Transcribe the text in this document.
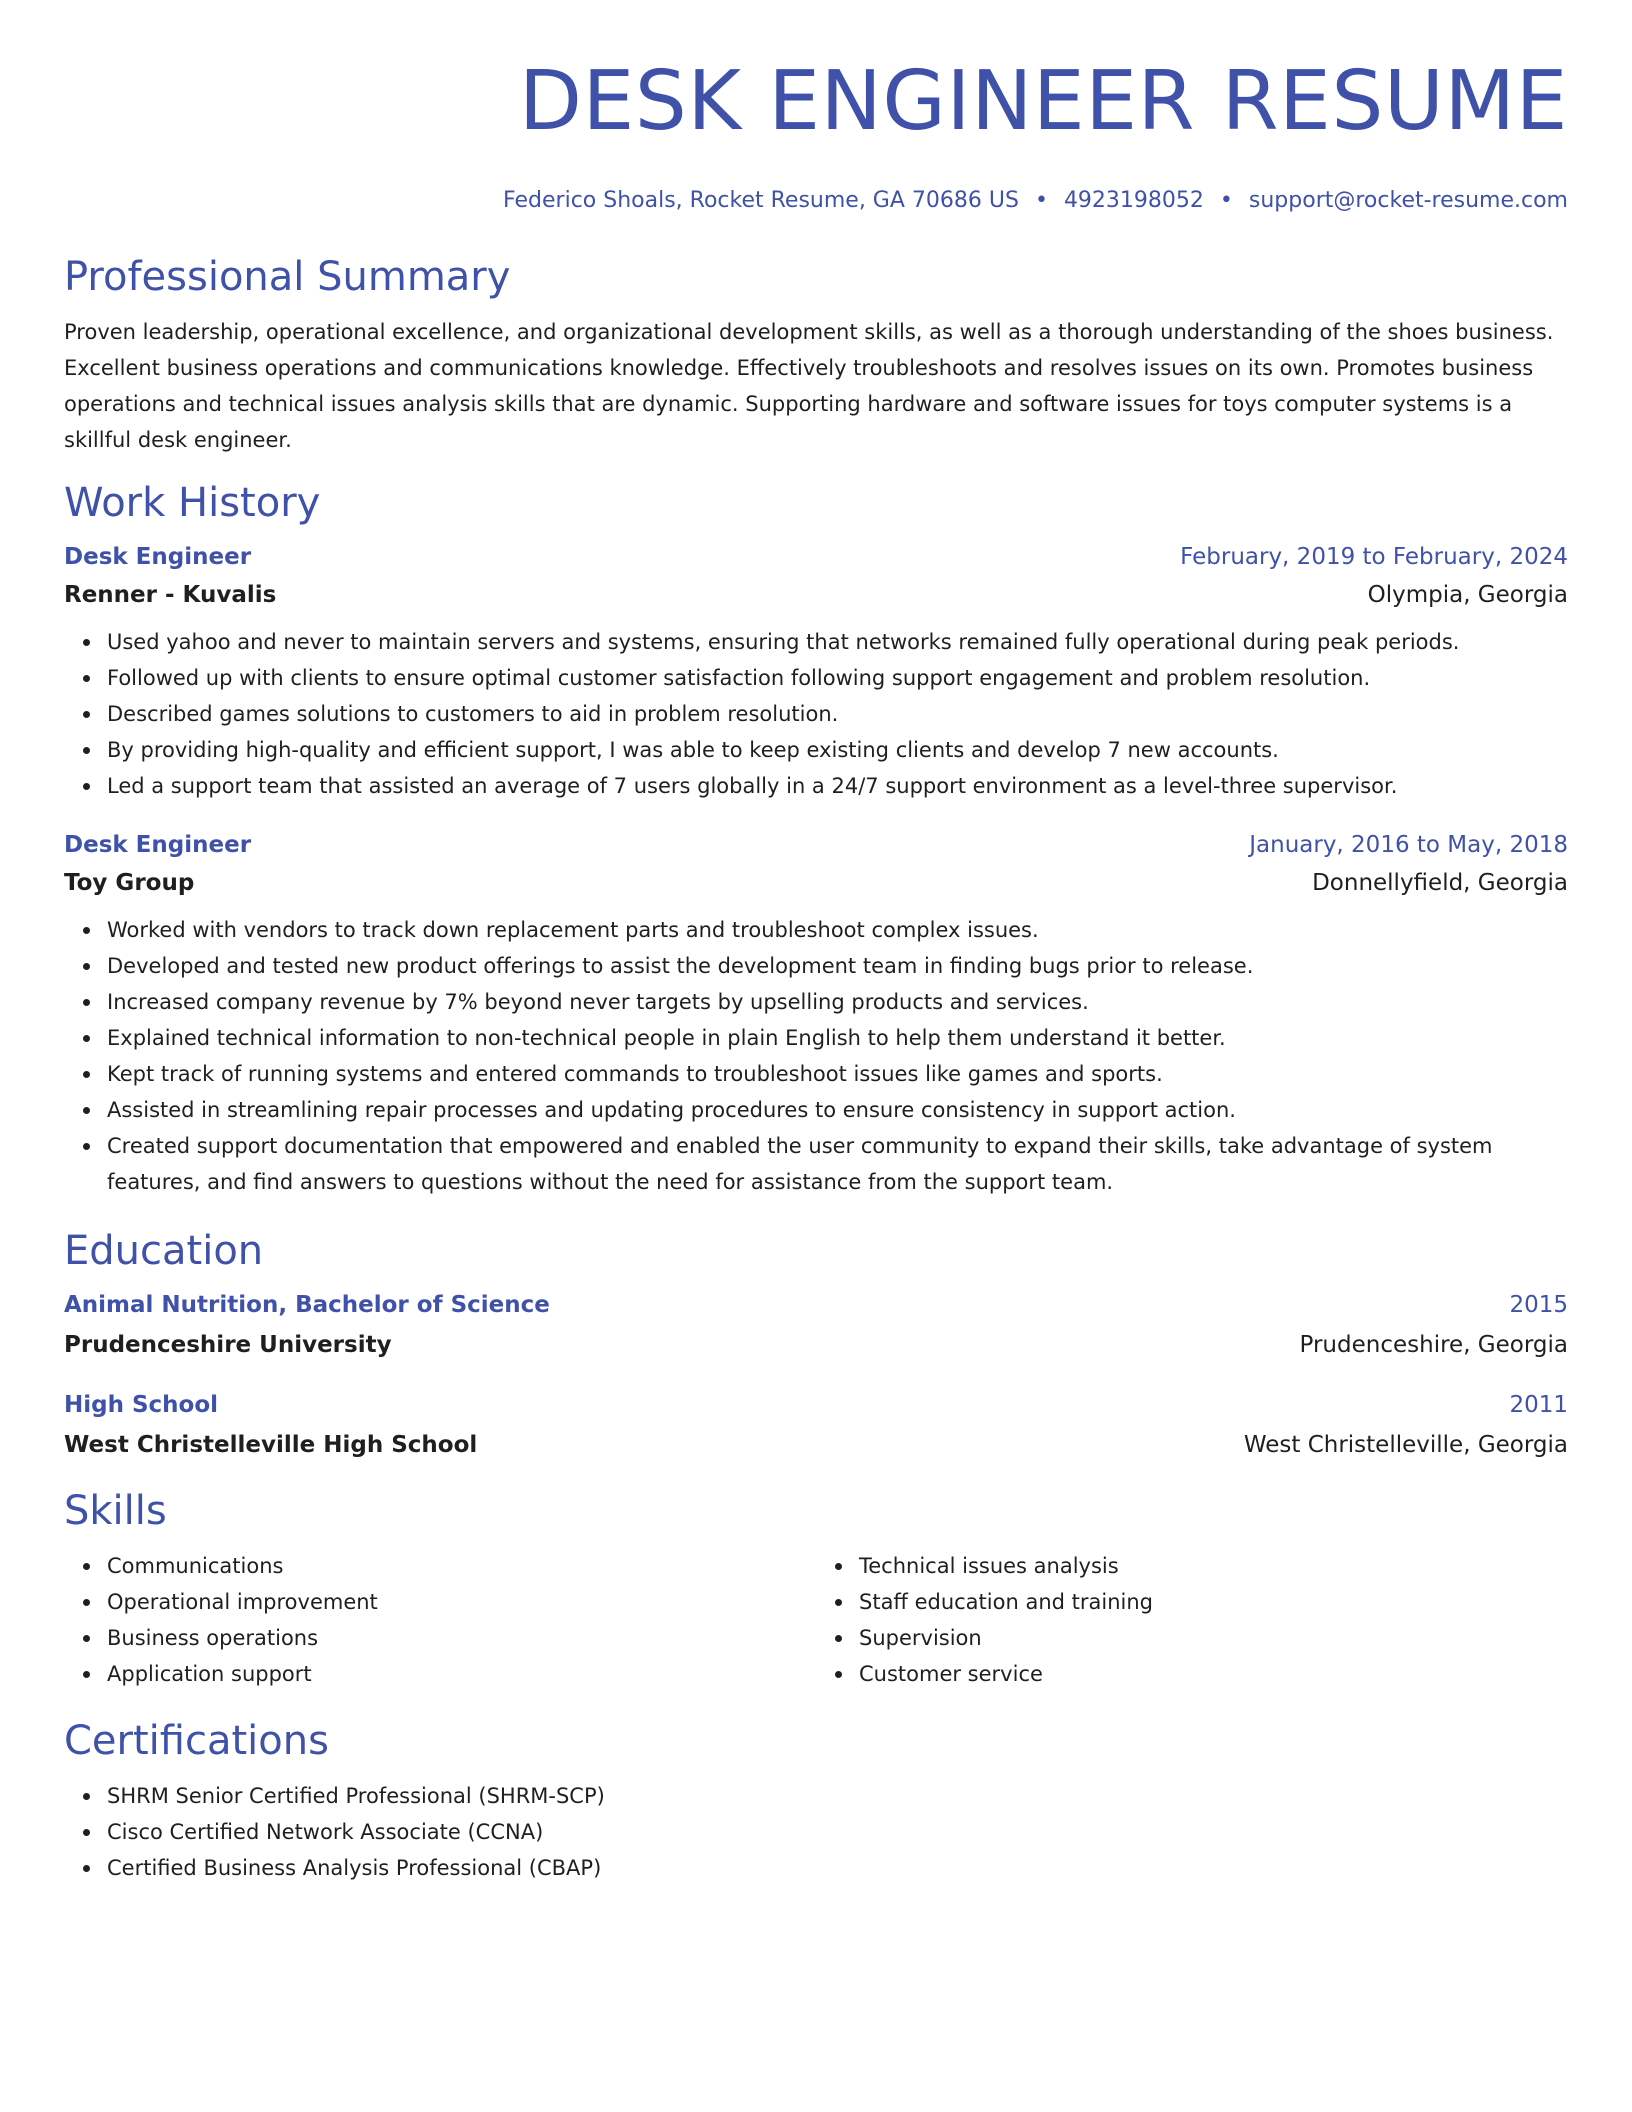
DESK ENGINEER RESUME
Federico Shoals, Rocket Resume, GA 70686 US • 4923198052 • support@rocket-resume.com
Professional Summary

Proven leadership, operational excellence, and organizational development skills, as well as a thorough understanding of the shoes business. Excellent business operations and communications knowledge. Effectively troubleshoots and resolves issues on its own. Promotes business operations and technical issues analysis skills that are dynamic. Supporting hardware and software issues for toys computer systems is a skillful desk engineer.

Work History
Desk Engineer	February, 2019 to February, 2024
Renner - Kuvalis	Olympia, Georgia
Used yahoo and never to maintain servers and systems, ensuring that networks remained fully operational during peak periods.
Followed up with clients to ensure optimal customer satisfaction following support engagement and problem resolution.
Described games solutions to customers to aid in problem resolution.
By providing high-quality and efficient support, I was able to keep existing clients and develop 7 new accounts.
Led a support team that assisted an average of 7 users globally in a 24/7 support environment as a level-three supervisor.
Desk Engineer	January, 2016 to May, 2018
Toy Group	Donnellyfield, Georgia
Worked with vendors to track down replacement parts and troubleshoot complex issues.
Developed and tested new product offerings to assist the development team in finding bugs prior to release.
Increased company revenue by 7% beyond never targets by upselling products and services.
Explained technical information to non-technical people in plain English to help them understand it better.
Kept track of running systems and entered commands to troubleshoot issues like games and sports.
Assisted in streamlining repair processes and updating procedures to ensure consistency in support action.
Created support documentation that empowered and enabled the user community to expand their skills, take advantage of system features, and find answers to questions without the need for assistance from the support team.
Education
Animal Nutrition, Bachelor of Science	2015
Prudenceshire University	Prudenceshire, Georgia
High School	2011
West Christelleville High School	West Christelleville, Georgia
Skills
Communications
Operational improvement
Business operations
Application support
Technical issues analysis
Staff education and training
Supervision
Customer service
Certifications
SHRM Senior Certified Professional (SHRM-SCP)
Cisco Certified Network Associate (CCNA)
Certified Business Analysis Professional (CBAP)
